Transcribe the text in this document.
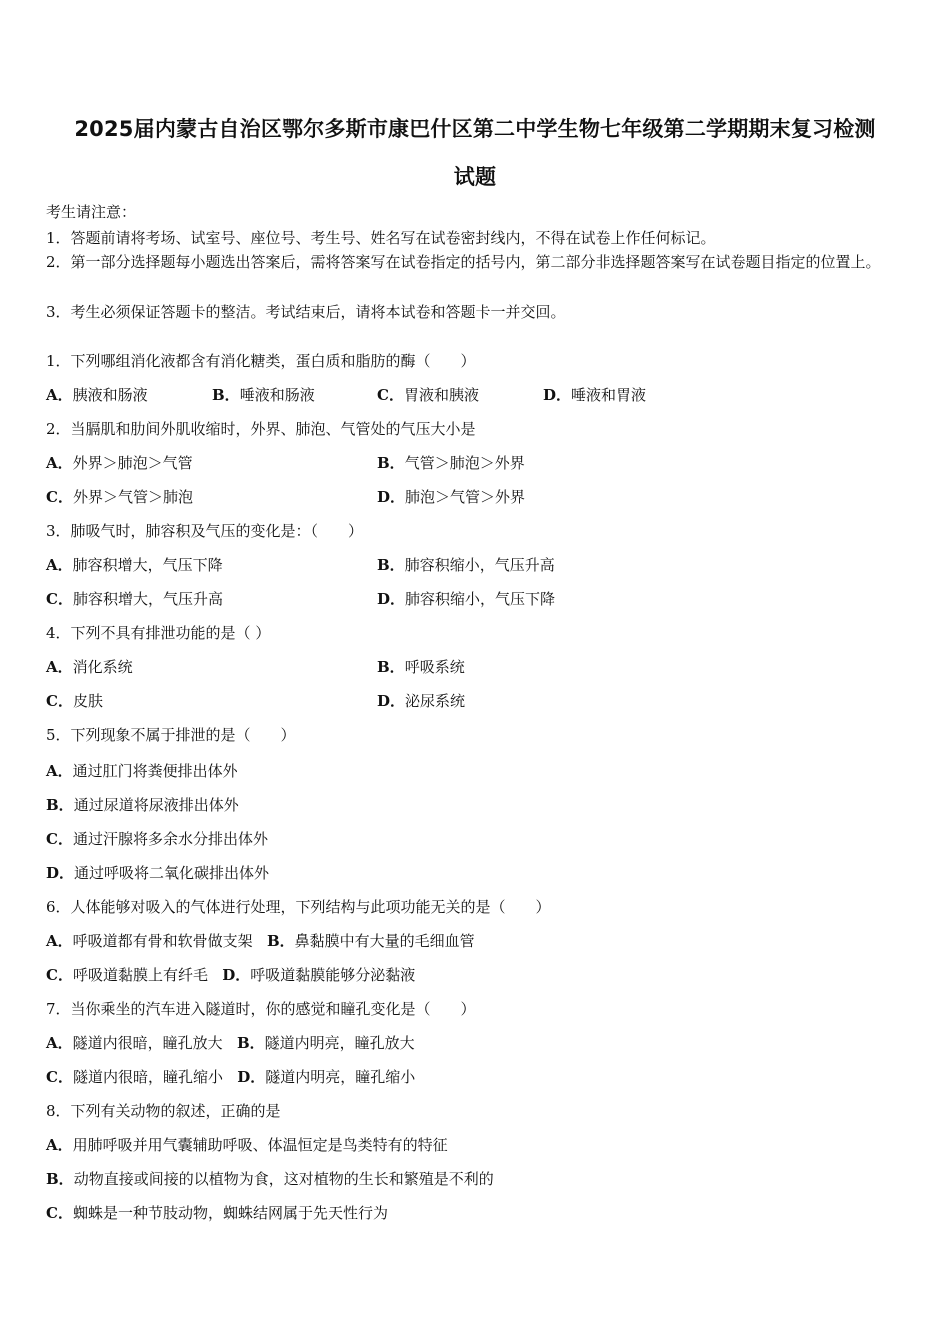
2025届内蒙古自治区鄂尔多斯市康巴什区第二中学生物七年级第二学期期末复习检测
试题
考生请注意：
1．答题前请将考场、试室号、座位号、考生号、姓名写在试卷密封线内，不得在试卷上作任何标记。
2．第一部分选择题每小题选出答案后，需将答案写在试卷指定的括号内，第二部分非选择题答案写在试卷题目指定的位置上。
3．考生必须保证答题卡的整洁。考试结束后，请将本试卷和答题卡一并交回。
1．下列哪组消化液都含有消化糖类，蛋白质和脂肪的酶（　　）
A．胰液和肠液	B．唾液和肠液	C．胃液和胰液	D．唾液和胃液
2．当膈肌和肋间外肌收缩时，外界、肺泡、气管处的气压大小是
A．外界＞肺泡＞气管	B．气管＞肺泡＞外界
C．外界＞气管＞肺泡	D．肺泡＞气管＞外界
3．肺吸气时，肺容积及气压的变化是：（　　）
A．肺容积增大，气压下降	B．肺容积缩小，气压升高
C．肺容积增大，气压升高	D．肺容积缩小，气压下降
4．下列不具有排泄功能的是（ ）
A．消化系统	B．呼吸系统
C．皮肤	D．泌尿系统
5．下列现象不属于排泄的是（　　）
A．通过肛门将粪便排出体外
B．通过尿道将尿液排出体外
C．通过汗腺将多余水分排出体外
D．通过呼吸将二氧化碳排出体外
6．人体能够对吸入的气体进行处理，下列结构与此项功能无关的是（　　）
A．呼吸道都有骨和软骨做支架 B．鼻黏膜中有大量的毛细血管
C．呼吸道黏膜上有纤毛 D．呼吸道黏膜能够分泌黏液
7．当你乘坐的汽车进入隧道时，你的感觉和瞳孔变化是（　　）
A．隧道内很暗，瞳孔放大 B．隧道内明亮，瞳孔放大
C．隧道内很暗，瞳孔缩小 D．隧道内明亮，瞳孔缩小
8．下列有关动物的叙述，正确的是
A．用肺呼吸并用气囊辅助呼吸、体温恒定是鸟类特有的特征
B．动物直接或间接的以植物为食，这对植物的生长和繁殖是不利的
C．蜘蛛是一种节肢动物，蜘蛛结网属于先天性行为
